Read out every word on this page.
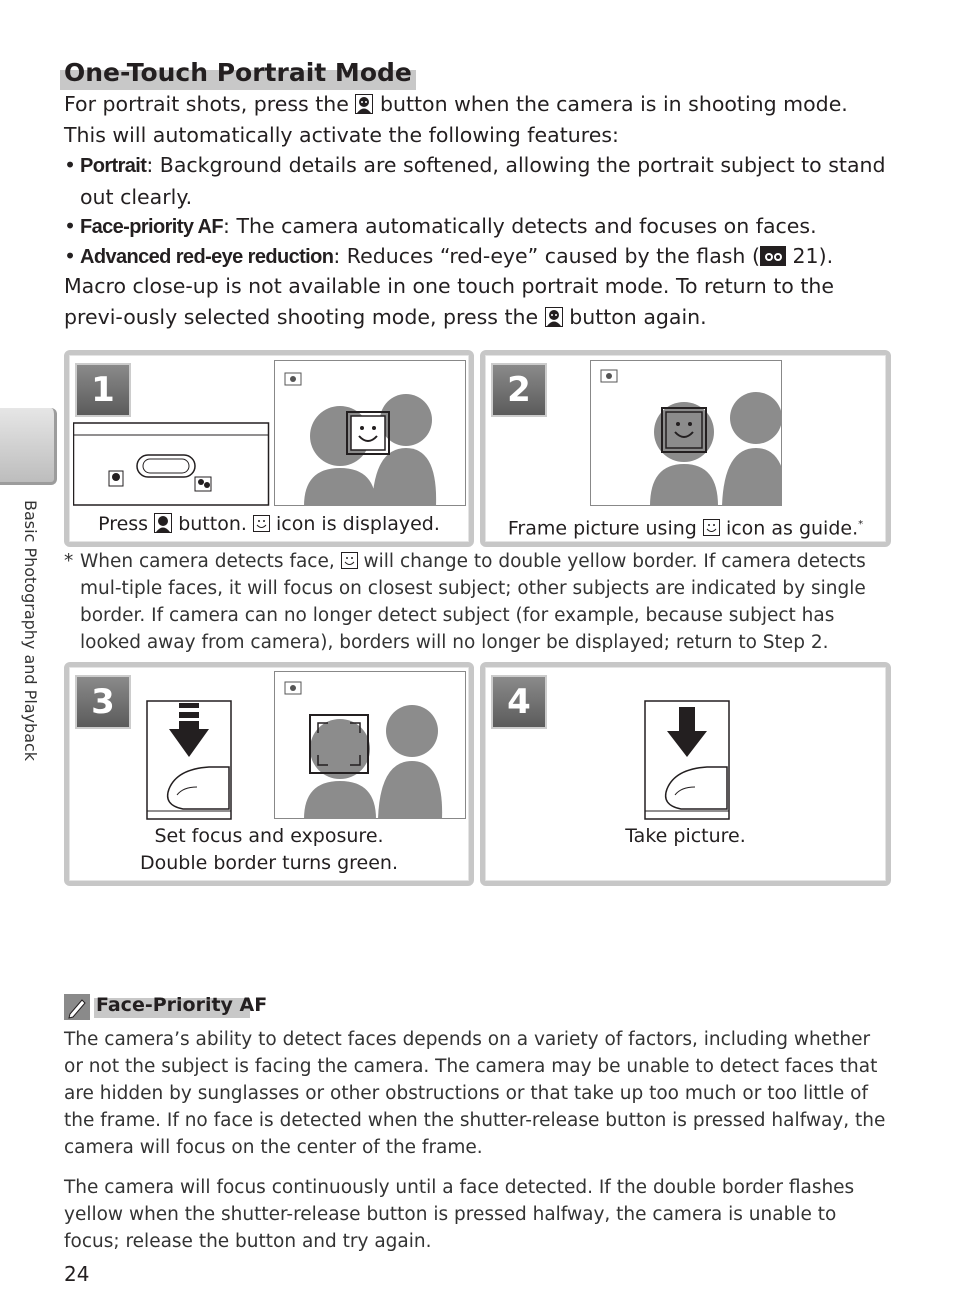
One-Touch Portrait Mode
For portrait shots, press the button when the camera is in shooting mode. This will automatically activate the following features:
• Portrait: Background details are softened, allowing the portrait subject to stand out clearly.
• Face-priority AF: The camera automatically detects and focuses on faces.
• Advanced red-eye reduction: Reduces “red-eye” caused by the flash ( 21).
Macro close-up is not available in one touch portrait mode. To return to the previ-ously selected shooting mode, press the button again.
Basic Photography and Playback
1
Press button. icon is displayed.
2
Frame picture using icon as guide.*
* When camera detects face, will change to double yellow border. If camera detects mul-tiple faces, it will focus on closest subject; other subjects are indicated by single border. If camera can no longer detect subject (for example, because subject has looked away from camera), borders will no longer be displayed; return to Step 2.
3
Set focus and exposure.
Double border turns green.
4
Take picture.
Face-Priority AF
The camera’s ability to detect faces depends on a variety of factors, including whether or not the subject is facing the camera. The camera may be unable to detect faces that are hidden by sunglasses or other obstructions or that take up too much or too little of the frame. If no face is detected when the shutter-release button is pressed halfway, the camera will focus on the center of the frame.
The camera will focus continuously until a face detected. If the double border flashes yellow when the shutter-release button is pressed halfway, the camera is unable to focus; release the button and try again.
24
